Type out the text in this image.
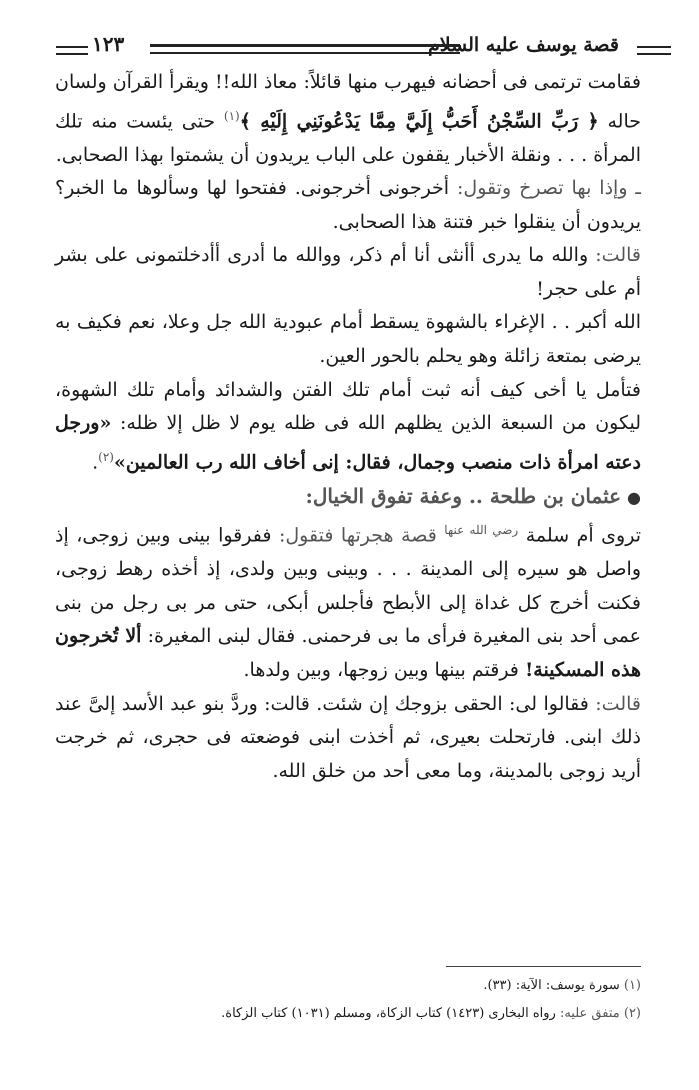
قصة يوسف عليه السلام
١٢٣

فقامت ترتمى فى أحضانه فيهرب منها قائلاً: معاذ الله!! ويقرأ القرآن ولسان حاله ﴿ رَبِّ السِّجْنُ أَحَبُّ إِلَيَّ مِمَّا يَدْعُونَنِي إِلَيْهِ ﴾$^{(١)}$ حتى يئست منه تلك المرأة . . . ونقلة الأخبار يقفون على الباب يريدون أن يشمتوا بهذا الصحابى.

ـ وإذا بها تصرخ وتقول: أخرجونى أخرجونى. ففتحوا لها وسألوها ما الخبر؟ يريدون أن ينقلوا خبر فتنة هذا الصحابى.

قالت: والله ما يدرى أأنثى أنا أم ذكر، ووالله ما أدرى أأدخلتمونى على بشر أم على حجر!

الله أكبر . . الإغراء بالشهوة يسقط أمام عبودية الله جل وعلا، نعم فكيف به يرضى بمتعة زائلة وهو يحلم بالحور العين.

فتأمل يا أخى كيف أنه ثبت أمام تلك الفتن والشدائد وأمام تلك الشهوة، ليكون من السبعة الذين يظلهم الله فى ظله يوم لا ظل إلا ظله: «ورجل دعته امرأة ذات منصب وجمال، فقال: إنى أخاف الله رب العالمين»$^{(٢)}$.

●عثمان بن طلحة .. وعفة تفوق الخيال:

تروى أم سلمة $^{رضي الله عنها}$ قصة هجرتها فتقول: ففرقوا بينى وبين زوجى، إذ واصل هو سيره إلى المدينة . . . وبينى وبين ولدى، إذ أخذه رهط زوجى، فكنت أخرج كل غداة إلى الأبطح فأجلس أبكى، حتى مر بى رجل من بنى عمى أحد بنى المغيرة فرأى ما بى فرحمنى. فقال لبنى المغيرة: ألا تُخرجون هذه المسكينة! فرقتم بينها وبين زوجها، وبين ولدها.

قالت: فقالوا لى: الحقى بزوجك إن شئت. قالت: وردَّ بنو عبد الأسد إلىَّ عند ذلك ابنى. فارتحلت بعيرى، ثم أخذت ابنى فوضعته فى حجرى، ثم خرجت أريد زوجى بالمدينة، وما معى أحد من خلق الله.

(١) سورة يوسف: الآية: (٣٣).

(٢) متفق عليه: رواه البخارى (١٤٢٣) كتاب الزكاة، ومسلم (١٠٣١) كتاب الزكاة.
